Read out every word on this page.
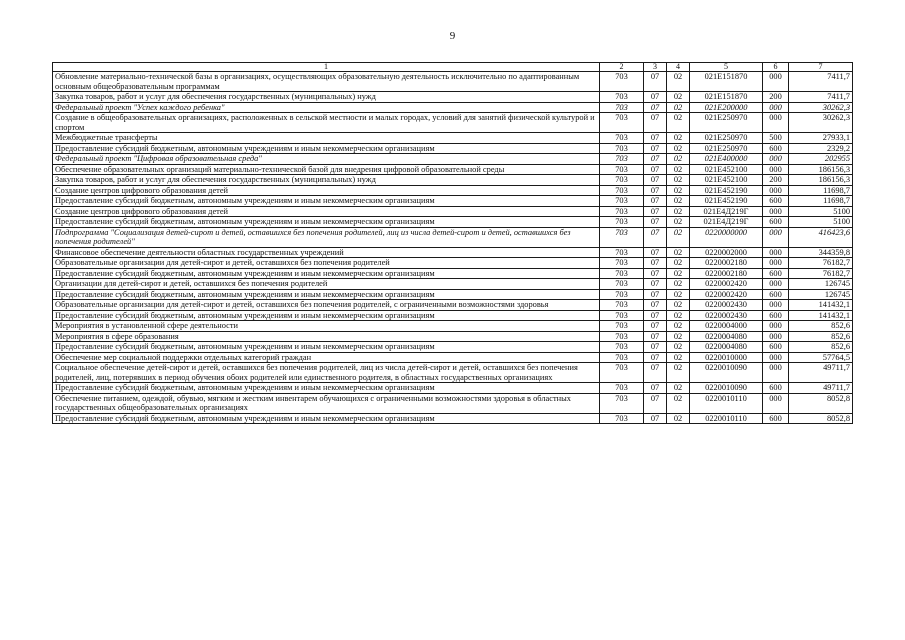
9
1	2	3	4	5	6	7
Обновление материально-технической базы в организациях, осуществляющих образовательную деятельность исключительно по адаптированным основным общеобразовательным программам	703	07	02	021E151870	000	7411,7
Закупка товаров, работ и услуг для обеспечения государственных (муниципальных) нужд	703	07	02	021E151870	200	7411,7
Федеральный проект "Успех каждого ребенка"	703	07	02	021E200000	000	30262,3
Создание в общеобразовательных организациях, расположенных в сельской местности и малых городах, условий для занятий физической культурой и спортом	703	07	02	021E250970	000	30262,3
Межбюджетные трансферты	703	07	02	021E250970	500	27933,1
Предоставление субсидий бюджетным, автономным учреждениям и иным некоммерческим организациям	703	07	02	021E250970	600	2329,2
Федеральный проект "Цифровая образовательная среда"	703	07	02	021E400000	000	202955
Обеспечение образовательных организаций материально-технической базой для внедрения цифровой образовательной среды	703	07	02	021E452100	000	186156,3
Закупка товаров, работ и услуг для обеспечения государственных (муниципальных) нужд	703	07	02	021E452100	200	186156,3
Создание центров цифрового образования детей	703	07	02	021E452190	000	11698,7
Предоставление субсидий бюджетным, автономным учреждениям и иным некоммерческим организациям	703	07	02	021E452190	600	11698,7
Создание центров цифрового образования детей	703	07	02	021E4Д219Г	000	5100
Предоставление субсидий бюджетным, автономным учреждениям и иным некоммерческим организациям	703	07	02	021E4Д219Г	600	5100
Подпрограмма "Социализация детей-сирот и детей, оставшихся без попечения родителей, лиц из числа детей-сирот и детей, оставшихся без попечения родителей"	703	07	02	0220000000	000	416423,6
Финансовое обеспечение деятельности областных государственных учреждений	703	07	02	0220002000	000	344359,8
Образовательные организации для детей-сирот и детей, оставшихся без попечения родителей	703	07	02	0220002180	000	76182,7
Предоставление субсидий бюджетным, автономным учреждениям и иным некоммерческим организациям	703	07	02	0220002180	600	76182,7
Организации для детей-сирот и детей, оставшихся без попечения родителей	703	07	02	0220002420	000	126745
Предоставление субсидий бюджетным, автономным учреждениям и иным некоммерческим организациям	703	07	02	0220002420	600	126745
Образовательные организации для детей-сирот и детей, оставшихся без попечения родителей, с ограниченными возможностями здоровья	703	07	02	0220002430	000	141432,1
Предоставление субсидий бюджетным, автономным учреждениям и иным некоммерческим организациям	703	07	02	0220002430	600	141432,1
Мероприятия в установленной сфере деятельности	703	07	02	0220004000	000	852,6
Мероприятия в сфере образования	703	07	02	0220004080	000	852,6
Предоставление субсидий бюджетным, автономным учреждениям и иным некоммерческим организациям	703	07	02	0220004080	600	852,6
Обеспечение мер социальной поддержки отдельных категорий граждан	703	07	02	0220010000	000	57764,5
Социальное обеспечение детей-сирот и детей, оставшихся без попечения родителей, лиц из числа детей-сирот и детей, оставшихся без попечения родителей, лиц, потерявших в период обучения обоих родителей или единственного родителя, в областных государственных организациях	703	07	02	0220010090	000	49711,7
Предоставление субсидий бюджетным, автономным учреждениям и иным некоммерческим организациям	703	07	02	0220010090	600	49711,7
Обеспечение питанием, одеждой, обувью, мягким и жестким инвентарем обучающихся с ограниченными возможностями здоровья в областных государственных общеобразовательных организациях	703	07	02	0220010110	000	8052,8
Предоставление субсидий бюджетным, автономным учреждениям и иным некоммерческим организациям	703	07	02	0220010110	600	8052,8
